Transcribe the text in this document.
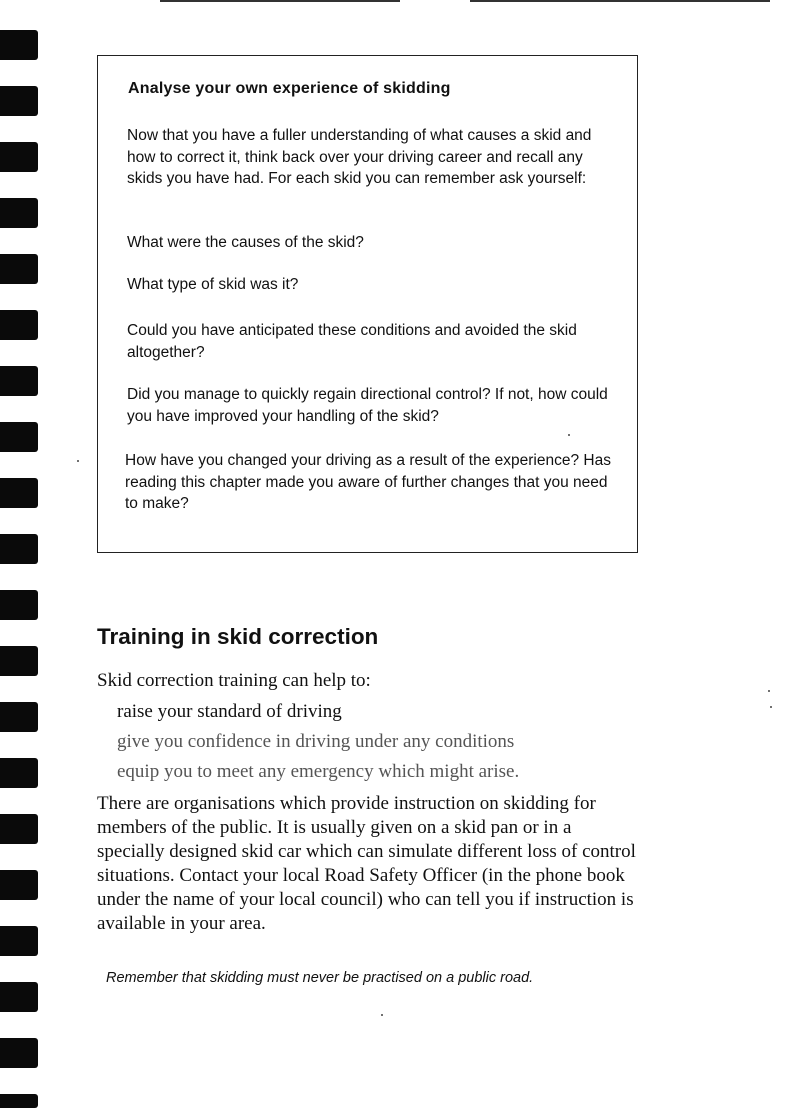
Analyse your own experience of skidding

Now that you have a fuller understanding of what causes a skid and how to correct it, think back over your driving career and recall any skids you have had. For each skid you can remember ask yourself:

What were the causes of the skid?

What type of skid was it?

Could you have anticipated these conditions and avoided the skid altogether?

Did you manage to quickly regain directional control? If not, how could you have improved your handling of the skid?

How have you changed your driving as a result of the experience? Has reading this chapter made you aware of further changes that you need to make?

Training in skid correction

Skid correction training can help to:

raise your standard of driving

give you confidence in driving under any conditions

equip you to meet any emergency which might arise.

There are organisations which provide instruction on skidding for members of the public. It is usually given on a skid pan or in a specially designed skid car which can simulate different loss of control situations. Contact your local Road Safety Officer (in the phone book under the name of your local council) who can tell you if instruction is available in your area.

Remember that skidding must never be practised on a public road.
